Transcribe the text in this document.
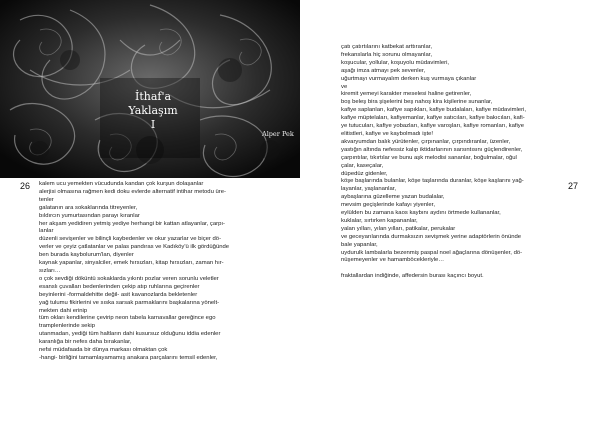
İthaf'a
Yaklaşım
I
Alper Pek
26 kalem ucu yemekten vücudunda kandan çok kurşun dolaşanlar
alerjisi olmasına rağmen kedi doku evlerde alternatif intihar metodu üre-
tenler
galatanın ara sokaklarında titreyenler,
bıldırcın yumurtasından parayı kıranlar
her akşam yedidiren yetmiş yediye herhangi bir kattan atlayanlar, çarpı-
lanlar
düzenli sevişenler ve bilinçli kaybedenler ve okur yazarlar ve biçer dö-
verler ve çeyiz çatlatanlar ve palas pandıras ve Kadıköy'ü ilk gördüğünde
ben burada kaybolurum'lan, diyenler
kaynak yapanlar, sinyalciler, emek hırsızları, kitap hırsızları, zaman hır-
sızları…
o çok sevdiği döküntü sokaklarda yıkıntı pozlar veren sorunlu veletler
esanslı çuvalları bedenlerinden çekip atıp ruhlarına geçirenler
beyinlerini -formaldehitte değil- asit kavanozlarda bekletenler
yağ tulumu fikirlerini ve sıska sarsak parmaklarını başkalarına yönelt-
mekten dahi erinip
tüm okları kendilerine çevirip neon tabela karnavallar gereğince ego
tramplenlerinde sekip
utanmadan, yediği tüm haltların dahi kusursuz olduğunu iddia edenler
karanlığa bir nefes daha bırakanlar,
nefsi müdafaada bir dünya markası olmaktan çok
-hangi- birliğini tamamlayamamış anakara parçalarını temsil edenler,
27
çatı çatırtılarını katbekat arttıranlar,
frekanslarla hiç sorunu olmayanlar,
koşucular, yollular, koşuyolu müdavimleri,
aşağı imza atmayı pek sevenler,
uğurtmayı vurmayalım derken kuş vurmaya çıkanlar
ve
kiremit yemeyi karakter meselesi haline getirenler,
boş beleş bira şişelerini beş nahoş kira kişilerine sunanlar,
kafiye saplanları, kafiye sapıkları, kafiye budalaları, kafiye müdavimleri,
kafiye müptelaları, kafiyemanlar, kafiye satıcıları, kafiye bakıcıları, kafi-
ye tutucuları, kafiye yobazları, kafiye varoşları, kafiye romanları, kafiye
elitistleri, kafiye ve kaybolmadı işte!
akvaryumdan balık yürütenler, çırpınanlar, çırpındıranlar, üzenler,
yastığın altında nefessiz kalıp iktidarlarının sarsıntısını güçlendirenler,
çarpıntılar, tıkırtılar ve bunu aşk melodisi sananlar, boğulmalar, oğul
çalar, kaseçalar,
düpedüz gidenler,
köşe başlarında bulanlar, köşe taşlarında duranlar, köşe kaşlarını yağ-
layanlar, yaşlananlar,
aybaşlarına güzelleme yazan budalalar,
mevsim geçişlerinde kafayı yiyenler,
eylülden bu zamana kaos kaybını aydını örtmede kullananlar,
kuklalar, sırtırken kapananlar,
yalan yılları, yılan yılları, patikalar, perukalar
ve geceyarılarında durmaksızın sevişmek yerine adaptörlerin önünde
bale yapanlar,
uydurulk lambalarla bezenmiş paspal noel ağaçlarına dönüşenler, dö-
nüşemeyenler ve hamamböcekleriyle…
fraktallardan indiğinde, affedersin burası kaçıncı boyut.
